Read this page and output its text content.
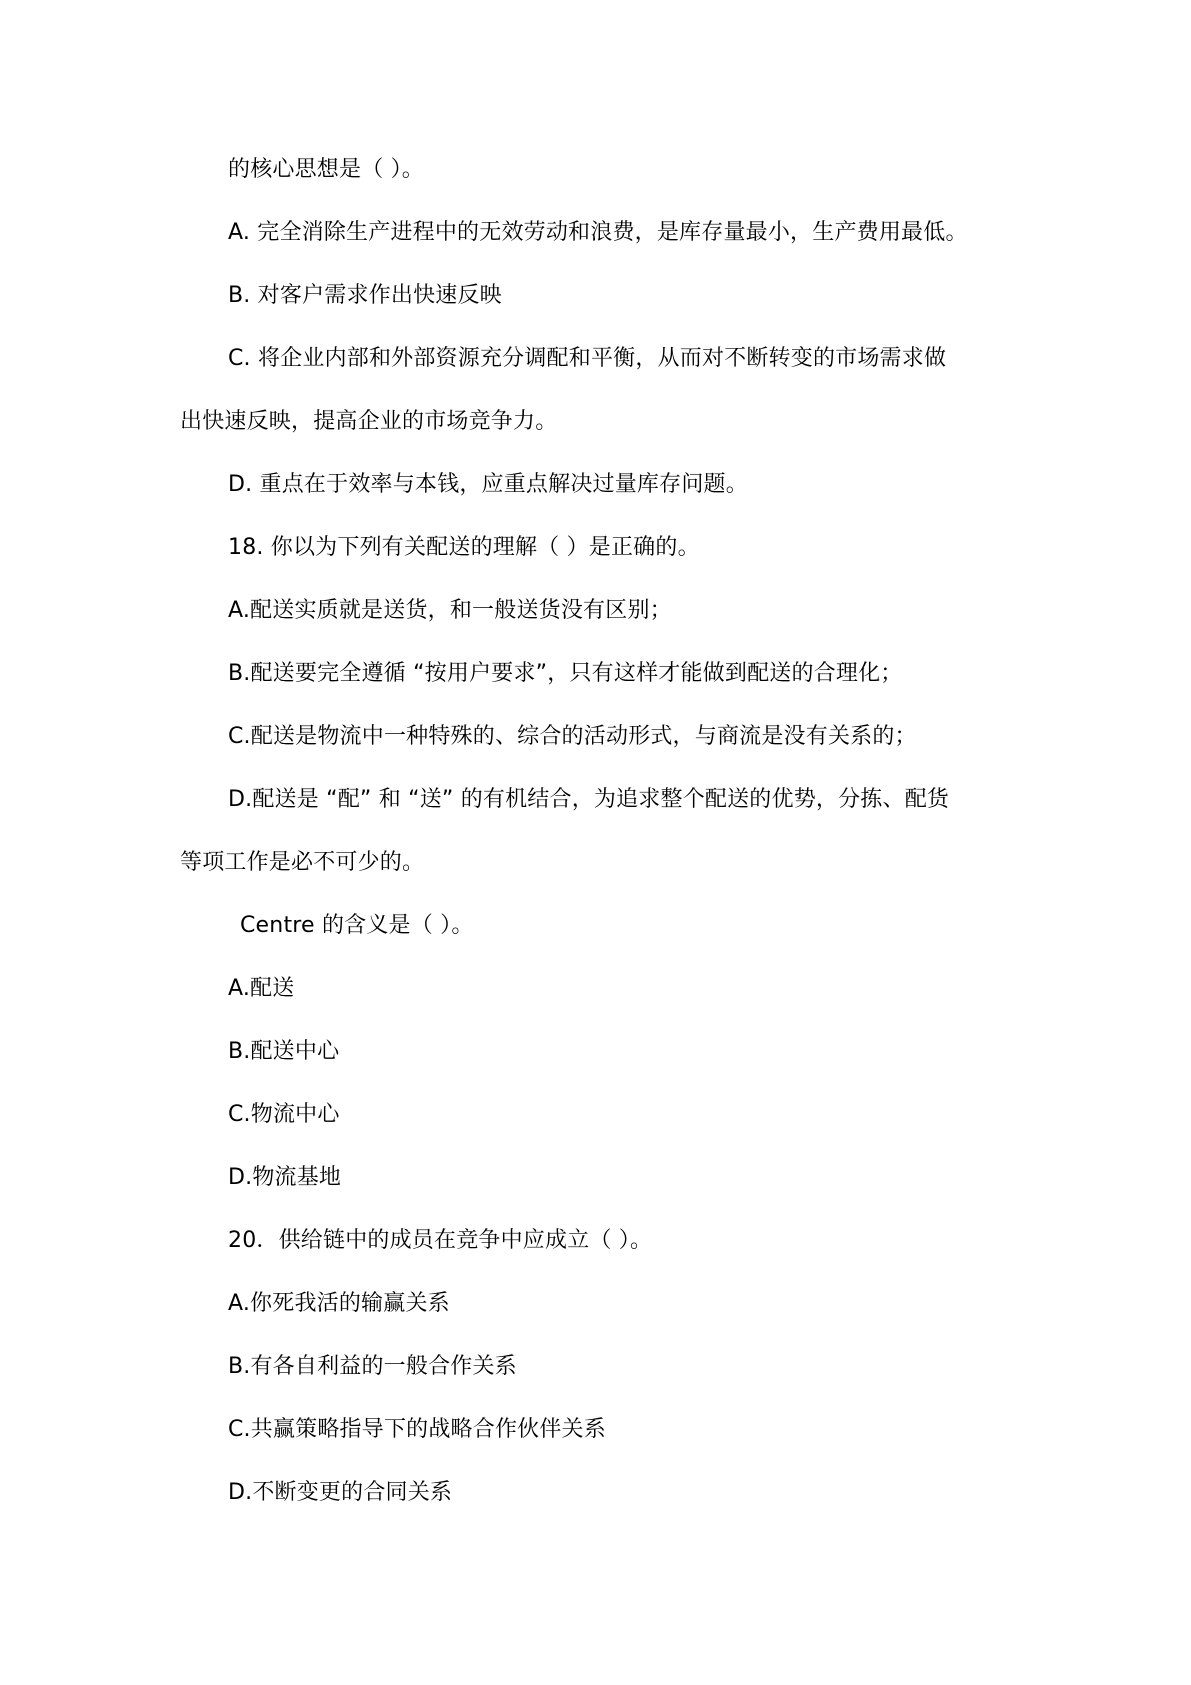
的核心思想是（ ）。
A. 完全消除生产进程中的无效劳动和浪费，是库存量最小，生产费用最低。
B. 对客户需求作出快速反映
C. 将企业内部和外部资源充分调配和平衡，从而对不断转变的市场需求做
出快速反映，提高企业的市场竞争力。
D. 重点在于效率与本钱，应重点解决过量库存问题。
18. 你以为下列有关配送的理解（ ）是正确的。
A.配送实质就是送货，和一般送货没有区别；
B.配送要完全遵循 “按用户要求”，只有这样才能做到配送的合理化；
C.配送是物流中一种特殊的、综合的活动形式，与商流是没有关系的；
D.配送是 “配” 和 “送” 的有机结合，为追求整个配送的优势，分拣、配货
等项工作是必不可少的。
Centre 的含义是（ ）。
A.配送
B.配送中心
C.物流中心
D.物流基地
20．供给链中的成员在竞争中应成立（ ）。
A.你死我活的输赢关系
B.有各自利益的一般合作关系
C.共赢策略指导下的战略合作伙伴关系
D.不断变更的合同关系
